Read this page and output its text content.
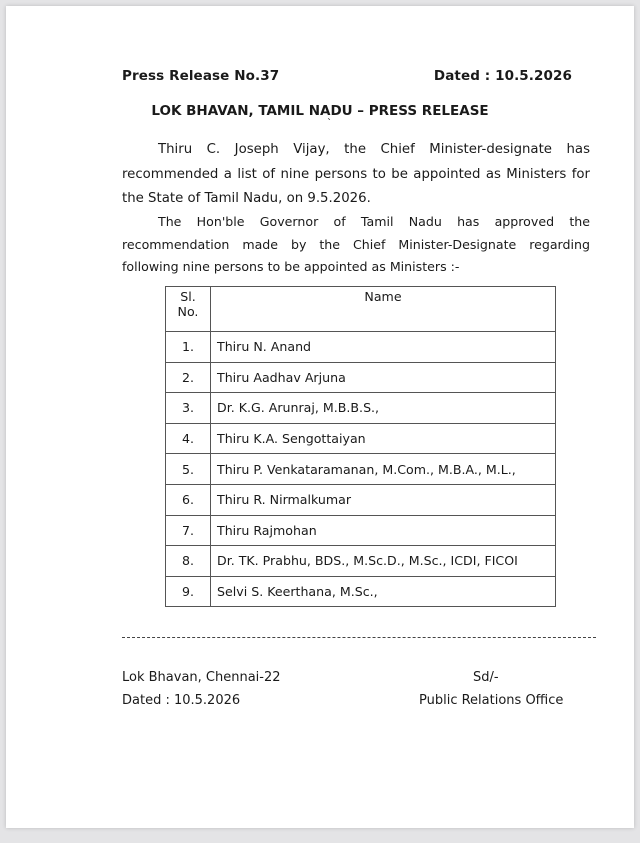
Press Release No.37	Dated : 10.5.2026
LOK BHAVAN, TAMIL NADU – PRESS RELEASE
`
Thiru C. Joseph Vijay, the Chief Minister-designate has recommended a list of nine persons to be appointed as Ministers for the State of Tamil Nadu, on 9.5.2026.
The Hon'ble Governor of Tamil Nadu has approved the recommendation made by the Chief Minister-Designate regarding following nine persons to be appointed as Ministers :-
Sl.
No.	Name
1.	Thiru N. Anand
2.	Thiru Aadhav Arjuna
3.	Dr. K.G. Arunraj, M.B.B.S.,
4.	Thiru K.A. Sengottaiyan
5.	Thiru P. Venkataramanan, M.Com., M.B.A., M.L.,
6.	Thiru R. Nirmalkumar
7.	Thiru Rajmohan
8.	Dr. TK. Prabhu, BDS., M.Sc.D., M.Sc., ICDI, FICOI
9.	Selvi S. Keerthana, M.Sc.,
Lok Bhavan, Chennai-22
Dated : 10.5.2026
Sd/-
Public Relations Office
